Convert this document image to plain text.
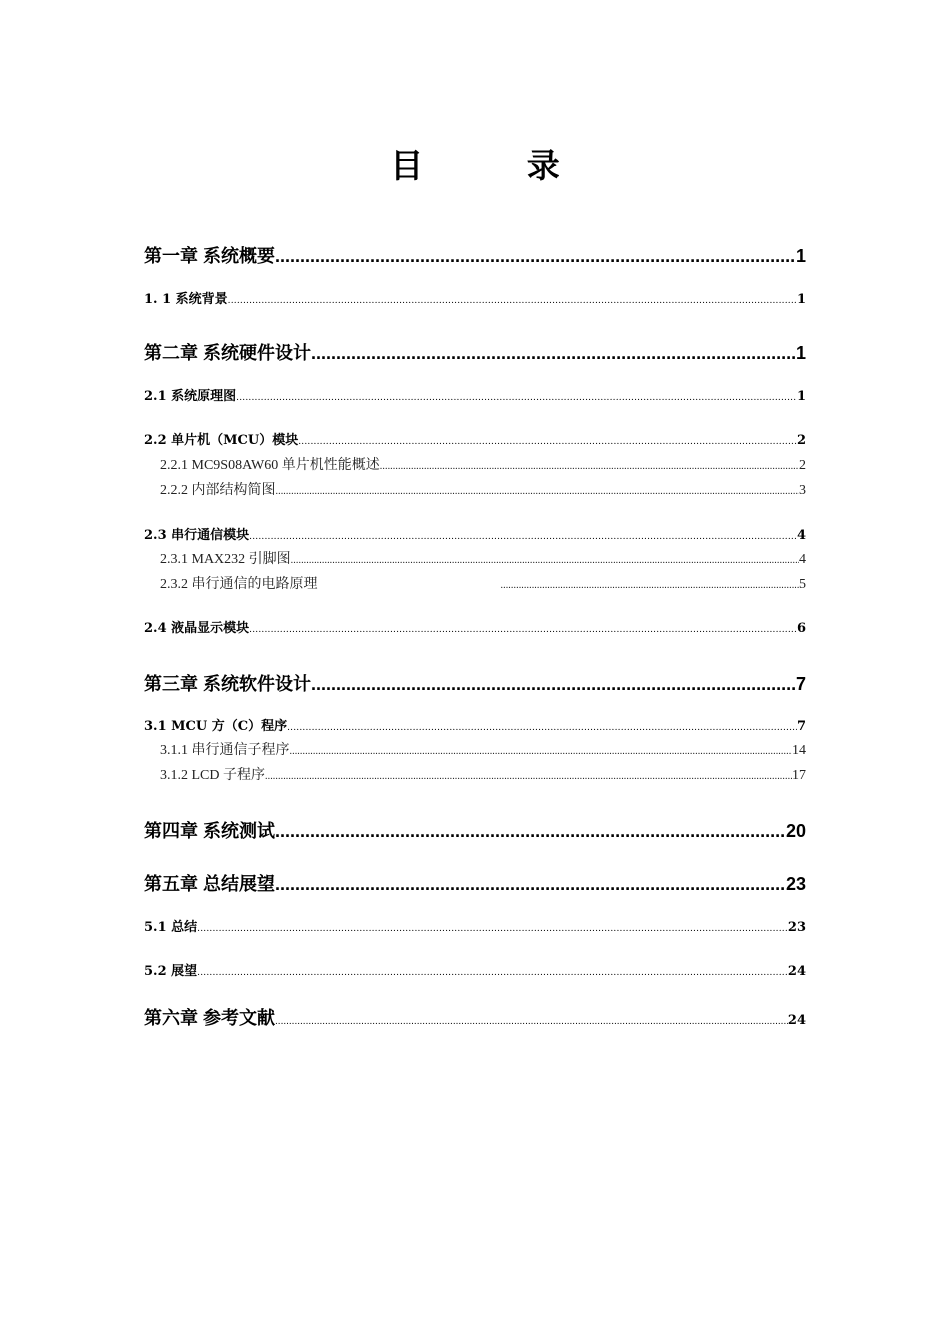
目 录
第一章 系统概要 .....	1
1. 1 系统背景 .....	1
第二章 系统硬件设计 .....	1
2.1 系统原理图 .....	1
2.2 单片机（MCU）模块 .....	2
2.2.1 MC9S08AW60 单片机性能概述 .....	2
2.2.2 内部结构简图 .....	3
2.3 串行通信模块 .....	4
2.3.1 MAX232 引脚图 .....	4
2.3.2 串行通信的电路原理 .....	5
2.4 液晶显示模块 .....	6
第三章 系统软件设计 .....	7
3.1 MCU 方（C）程序 .....	7
3.1.1 串行通信子程序 .....	14
3.1.2 LCD 子程序 .....	17
第四章 系统测试 .....	20
第五章 总结展望 .....	23
5.1 总结 .....	23
5.2 展望 .....	24
第六章 参考文献 .....	24
